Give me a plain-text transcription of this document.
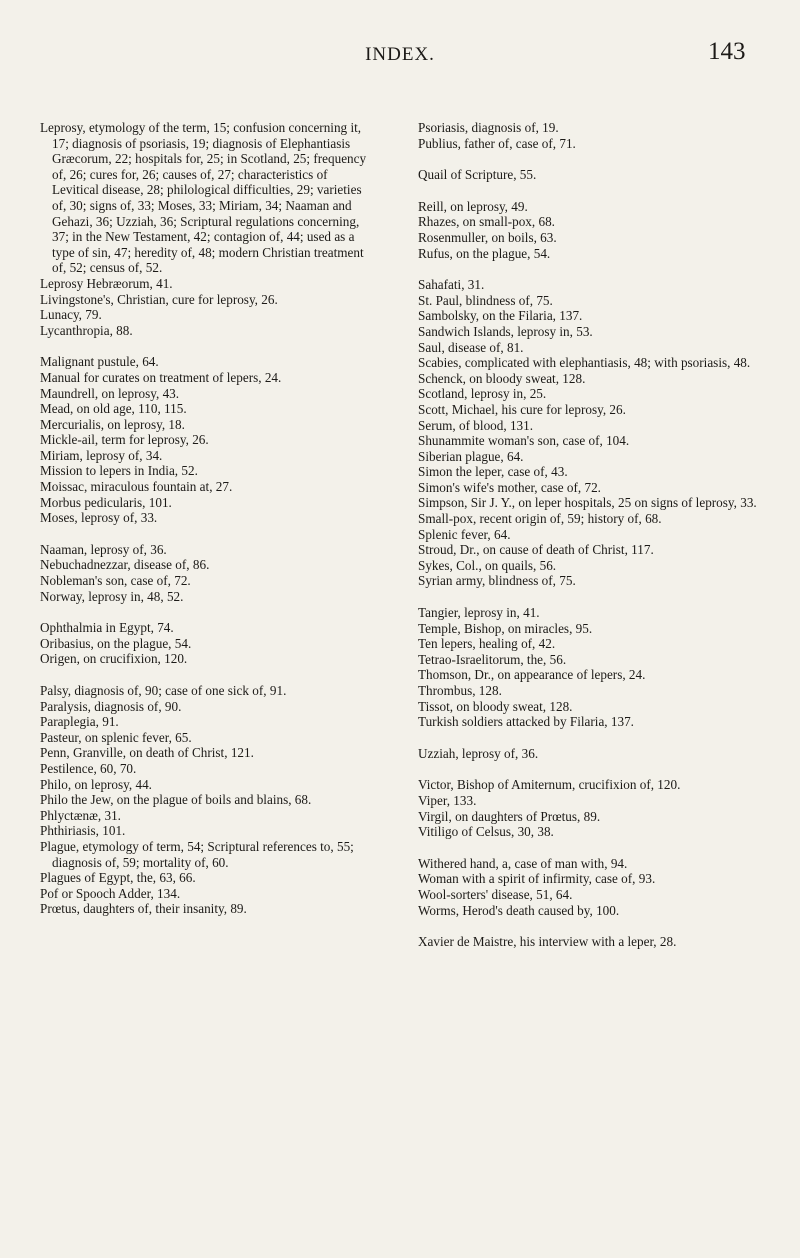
INDEX.	143

Leprosy, etymology of the term, 15; confusion concerning it, 17; diagnosis of psoriasis, 19; diagnosis of Elephantiasis Græcorum, 22; hospitals for, 25; in Scotland, 25; frequency of, 26; cures for, 26; causes of, 27; characteristics of Levitical disease, 28; philological difficulties, 29; varieties of, 30; signs of, 33; Moses, 33; Miriam, 34; Naaman and Gehazi, 36; Uzziah, 36; Scriptural regulations concerning, 37; in the New Testament, 42; contagion of, 44; used as a type of sin, 47; heredity of, 48; modern Christian treatment of, 52; census of, 52.

Leprosy Hebræorum, 41.

Livingstone's, Christian, cure for leprosy, 26.

Lunacy, 79.

Lycanthropia, 88.

Malignant pustule, 64.

Manual for curates on treatment of lepers, 24.

Maundrell, on leprosy, 43.

Mead, on old age, 110, 115.

Mercurialis, on leprosy, 18.

Mickle-ail, term for leprosy, 26.

Miriam, leprosy of, 34.

Mission to lepers in India, 52.

Moissac, miraculous fountain at, 27.

Morbus pedicularis, 101.

Moses, leprosy of, 33.

Naaman, leprosy of, 36.

Nebuchadnezzar, disease of, 86.

Nobleman's son, case of, 72.

Norway, leprosy in, 48, 52.

Ophthalmia in Egypt, 74.

Oribasius, on the plague, 54.

Origen, on crucifixion, 120.

Palsy, diagnosis of, 90; case of one sick of, 91.

Paralysis, diagnosis of, 90.

Paraplegia, 91.

Pasteur, on splenic fever, 65.

Penn, Granville, on death of Christ, 121.

Pestilence, 60, 70.

Philo, on leprosy, 44.

Philo the Jew, on the plague of boils and blains, 68.

Phlyctænæ, 31.

Phthiriasis, 101.

Plague, etymology of term, 54; Scriptural references to, 55; diagnosis of, 59; mortality of, 60.

Plagues of Egypt, the, 63, 66.

Pof or Spooch Adder, 134.

Prœtus, daughters of, their insanity, 89.

Psoriasis, diagnosis of, 19.

Publius, father of, case of, 71.

Quail of Scripture, 55.

Reill, on leprosy, 49.

Rhazes, on small-pox, 68.

Rosenmuller, on boils, 63.

Rufus, on the plague, 54.

Sahafati, 31.

St. Paul, blindness of, 75.

Sambolsky, on the Filaria, 137.

Sandwich Islands, leprosy in, 53.

Saul, disease of, 81.

Scabies, complicated with elephantiasis, 48; with psoriasis, 48.

Schenck, on bloody sweat, 128.

Scotland, leprosy in, 25.

Scott, Michael, his cure for leprosy, 26.

Serum, of blood, 131.

Shunammite woman's son, case of, 104.

Siberian plague, 64.

Simon the leper, case of, 43.

Simon's wife's mother, case of, 72.

Simpson, Sir J. Y., on leper hospitals, 25 on signs of leprosy, 33.

Small-pox, recent origin of, 59; history of, 68.

Splenic fever, 64.

Stroud, Dr., on cause of death of Christ, 117.

Sykes, Col., on quails, 56.

Syrian army, blindness of, 75.

Tangier, leprosy in, 41.

Temple, Bishop, on miracles, 95.

Ten lepers, healing of, 42.

Tetrao-Israelitorum, the, 56.

Thomson, Dr., on appearance of lepers, 24.

Thrombus, 128.

Tissot, on bloody sweat, 128.

Turkish soldiers attacked by Filaria, 137.

Uzziah, leprosy of, 36.

Victor, Bishop of Amiternum, crucifixion of, 120.

Viper, 133.

Virgil, on daughters of Prœtus, 89.

Vitiligo of Celsus, 30, 38.

Withered hand, a, case of man with, 94.

Woman with a spirit of infirmity, case of, 93.

Wool-sorters' disease, 51, 64.

Worms, Herod's death caused by, 100.

Xavier de Maistre, his interview with a leper, 28.
